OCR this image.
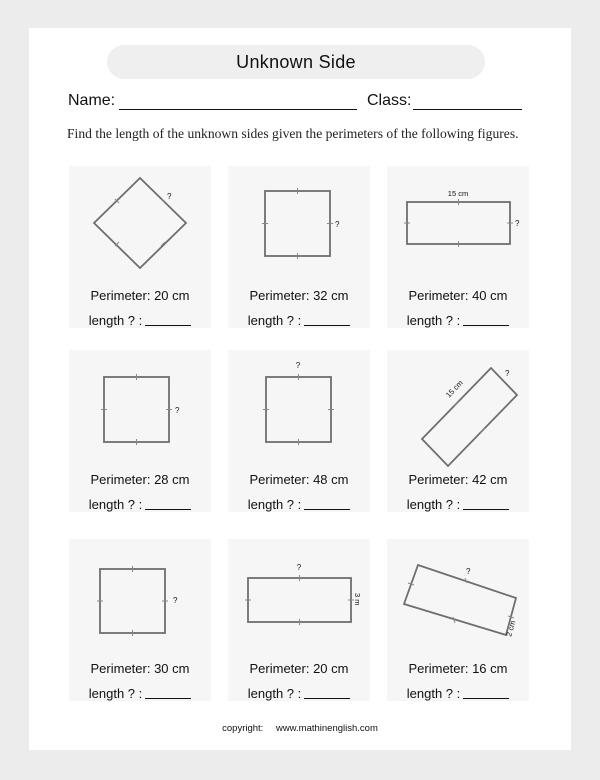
Unknown Side
Name:	Class:
Find the length of the unknown sides given the perimeters of the following figures.
?
Perimeter: 20 cm
length ? :
?
Perimeter: 32 cm
length ? :
15 cm
?
Perimeter: 40 cm
length ? :
?
Perimeter: 28 cm
length ? :
?
Perimeter: 48 cm
length ? :
15 cm
?
Perimeter: 42 cm
length ? :
?
Perimeter: 30 cm
length ? :
?
3 m
Perimeter: 20 cm
length ? :
?
2 cm
Perimeter: 16 cm
length ? :
copyright: www.mathinenglish.com
